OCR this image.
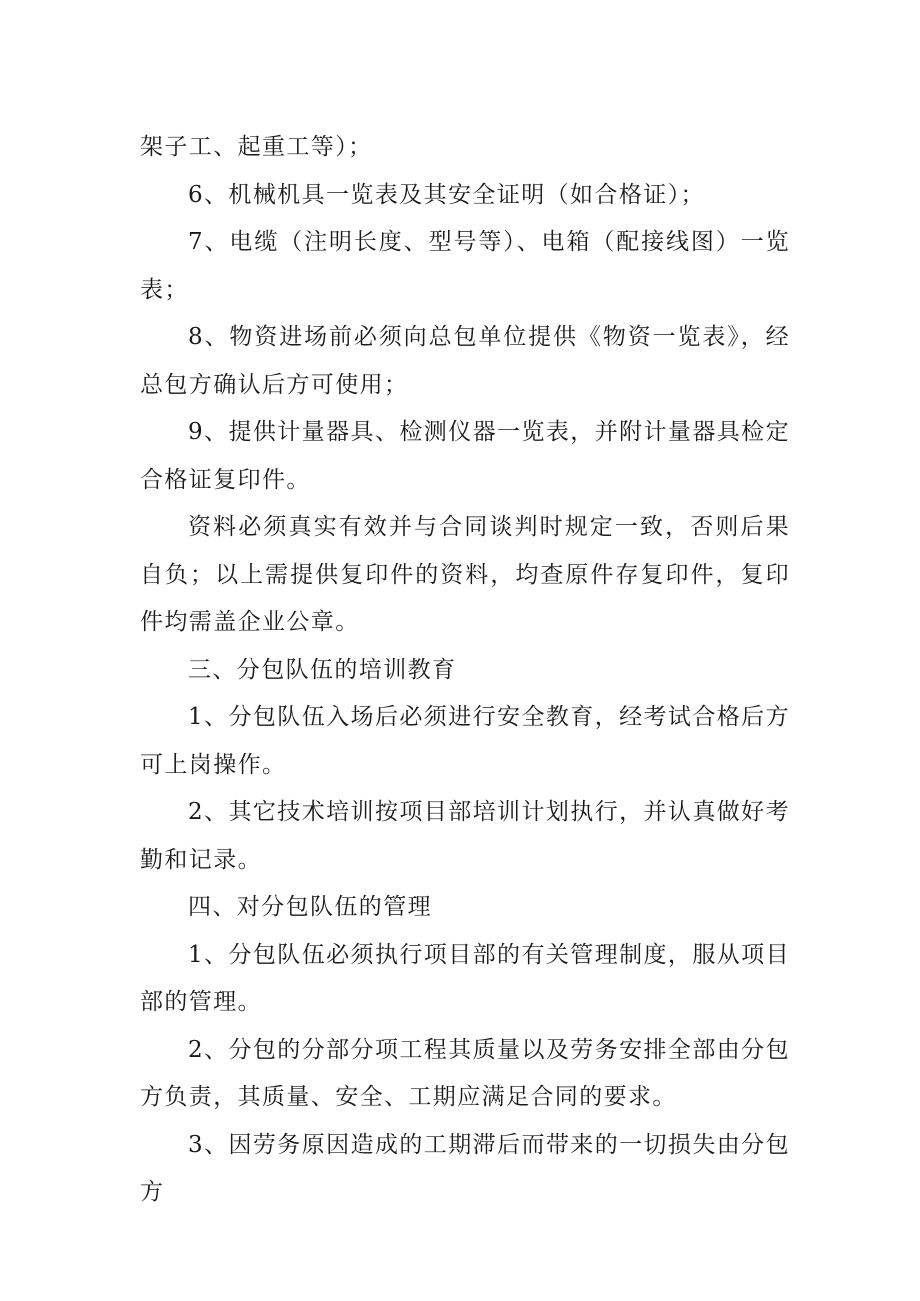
架子工、起重工等）；

6、机械机具一览表及其安全证明（如合格证）；

7、电缆（注明长度、型号等）、电箱（配接线图）一览表；

8、物资进场前必须向总包单位提供《物资一览表》，经总包方确认后方可使用；

9、提供计量器具、检测仪器一览表，并附计量器具检定合格证复印件。

资料必须真实有效并与合同谈判时规定一致，否则后果自负；以上需提供复印件的资料，均查原件存复印件，复印件均需盖企业公章。

三、分包队伍的培训教育

1、分包队伍入场后必须进行安全教育，经考试合格后方可上岗操作。

2、其它技术培训按项目部培训计划执行，并认真做好考勤和记录。

四、对分包队伍的管理

1、分包队伍必须执行项目部的有关管理制度，服从项目部的管理。

2、分包的分部分项工程其质量以及劳务安排全部由分包方负责，其质量、安全、工期应满足合同的要求。

3、因劳务原因造成的工期滞后而带来的一切损失由分包方
